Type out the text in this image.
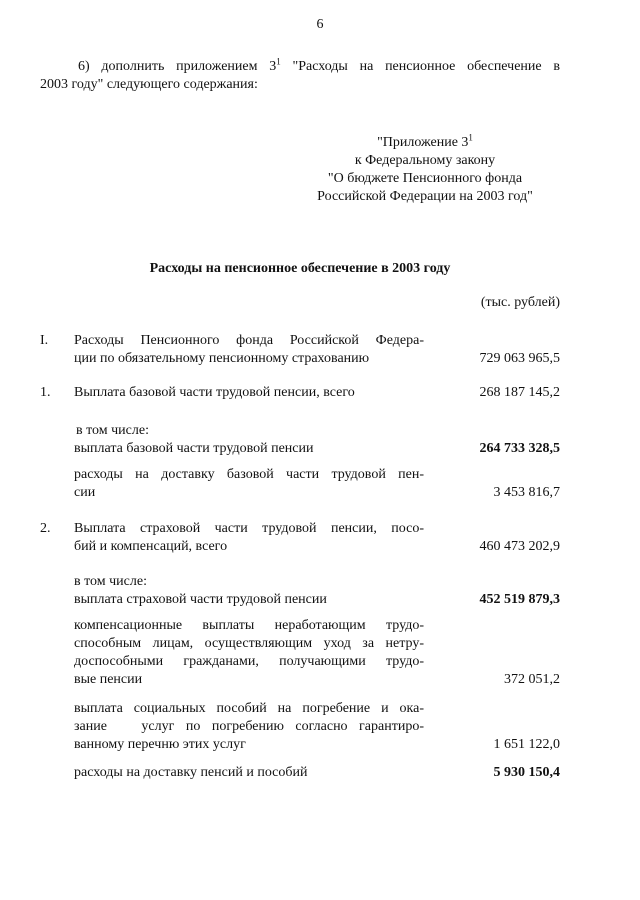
6
6) дополнить приложением $3^1$ "Расходы на пенсионное обеспечение в
2003 году" следующего содержания:
"Приложение $3^1$
к Федеральному закону
"О бюджете Пенсионного фонда
Российской Федерации на 2003 год"
Расходы на пенсионное обеспечение в 2003 году
(тыс. рублей)
I.	Расходы Пенсионного фонда Российской Федера-
ции по обязательному пенсионному страхованию	729 063 965,5
1.	Выплата базовой части трудовой пенсии, всего	268 187 145,2
в том числе:
выплата базовой части трудовой пенсии	264 733 328,5
расходы на доставку базовой части трудовой пен-
сии	3 453 816,7
2.	Выплата страховой части трудовой пенсии, посо-
бий и компенсаций, всего	460 473 202,9
в том числе:
выплата страховой части трудовой пенсии	452 519 879,3
компенсационные выплаты неработающим трудо-
способным лицам, осуществляющим уход за нетру-
доспособными гражданами, получающими трудо-
вые пенсии	372 051,2
выплата социальных пособий на погребение и ока-
зание   услуг по погребению согласно гарантиро-
ванному перечню этих услуг	1 651 122,0
расходы на доставку пенсий и пособий	5 930 150,4
